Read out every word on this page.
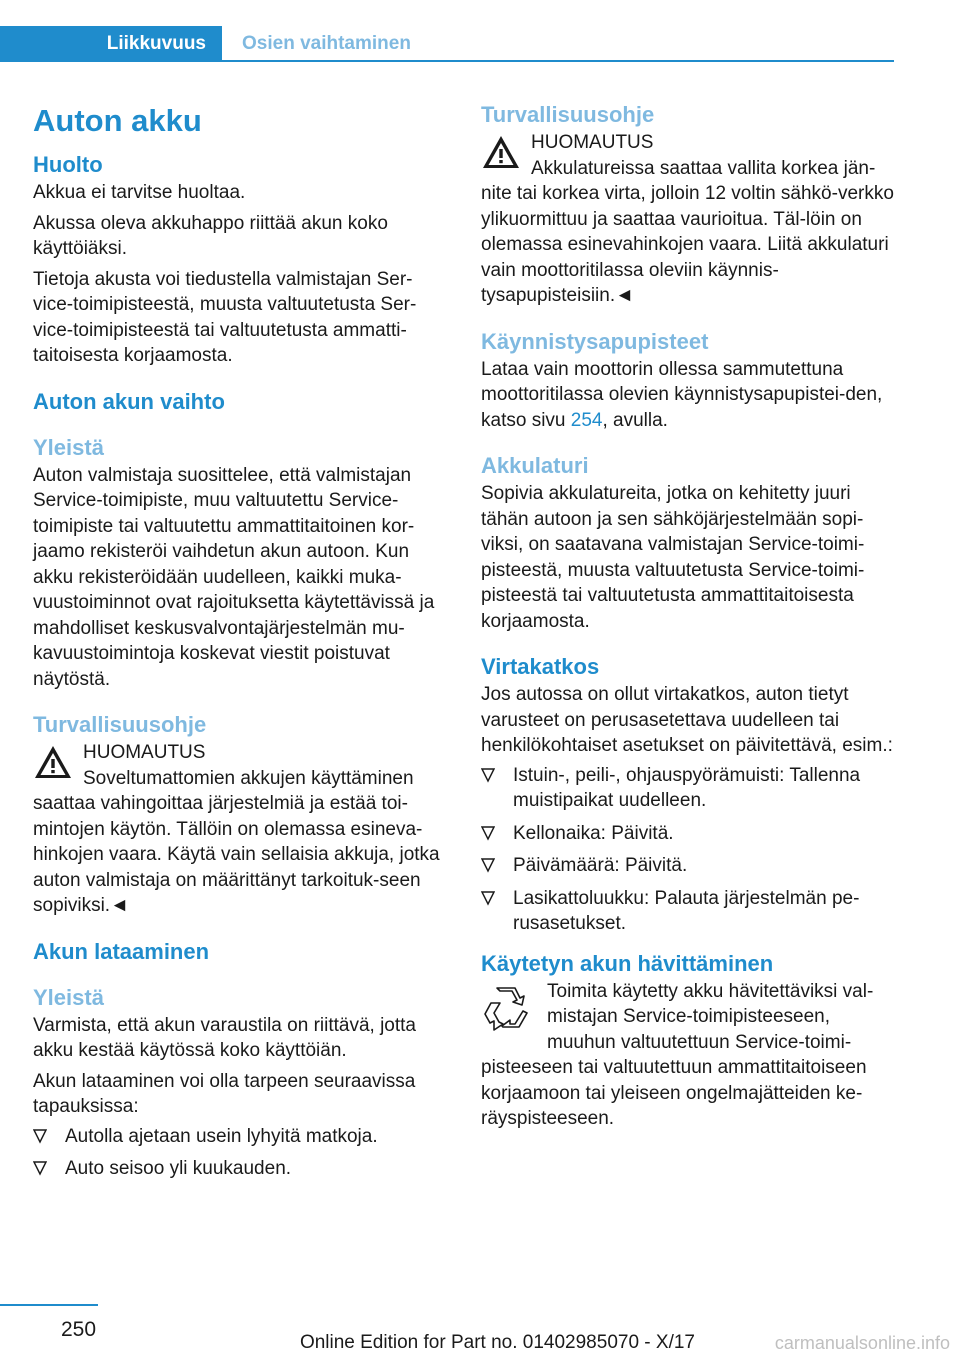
Liikkuvuus Osien vaihtaminen
Auton akku
Huolto

Akkua ei tarvitse huoltaa.

Akussa oleva akkuhappo riittää akun koko käyttöiäksi.

Tietoja akusta voi tiedustella valmistajan Ser-vice-toimipisteestä, muusta valtuutetusta Ser-vice-toimipisteestä tai valtuutetusta ammatti-taitoisesta korjaamosta.

Auton akun vaihto
Yleistä

Auton valmistaja suosittelee, että valmistajan Service-toimipiste, muu valtuutettu Service-toimipiste tai valtuutettu ammattitaitoinen kor-jaamo rekisteröi vaihdetun akun autoon. Kun akku rekisteröidään uudelleen, kaikki muka-vuustoiminnot ovat rajoituksetta käytettävissä ja mahdolliset keskusvalvontajärjestelmän mu-kavuustoimintoja koskevat viestit poistuvat näytöstä.

Turvallisuusohje

HUOMAUTUS

Soveltumattomien akkujen käyttäminen

saattaa vahingoittaa järjestelmiä ja estää toi-mintojen käytön. Tällöin on olemassa esineva-hinkojen vaara. Käytä vain sellaisia akkuja, jotka auton valmistaja on määrittänyt tarkoituk-seen sopiviksi.◄

Akun lataaminen
Yleistä

Varmista, että akun varaustila on riittävä, jotta akku kestää käytössä koko käyttöiän.

Akun lataaminen voi olla tarpeen seuraavissa tapauksissa:

Autolla ajetaan usein lyhyitä matkoja.
Auto seisoo yli kuukauden.
Turvallisuusohje

HUOMAUTUS

Akkulatureissa saattaa vallita korkea jän-

nite tai korkea virta, jolloin 12 voltin sähkö-verkko ylikuormittuu ja saattaa vaurioitua. Täl-löin on olemassa esinevahinkojen vaara. Liitä akkulaturi vain moottoritilassa oleviin käynnis-tysapupisteisiin.◄

Käynnistysapupisteet

Lataa vain moottorin ollessa sammutettuna moottoritilassa olevien käynnistysapupistei-den, katso sivu 254, avulla.

Akkulaturi

Sopivia akkulatureita, jotka on kehitetty juuri tähän autoon ja sen sähköjärjestelmään sopi-viksi, on saatavana valmistajan Service-toimi-pisteestä, muusta valtuutetusta Service-toimi-pisteestä tai valtuutetusta ammattitaitoisesta korjaamosta.

Virtakatkos

Jos autossa on ollut virtakatkos, auton tietyt varusteet on perusasetettava uudelleen tai henkilökohtaiset asetukset on päivitettävä, esim.:

Istuin-, peili-, ohjauspyörämuisti: Tallenna muistipaikat uudelleen.
Kellonaika: Päivitä.
Päivämäärä: Päivitä.
Lasikattoluukku: Palauta järjestelmän pe-rusasetukset.
Käytetyn akun hävittäminen

Toimita käytetty akku hävitettäviksi val-mistajan Service-toimipisteeseen, muuhun valtuutettuun Service-toimi-

pisteeseen tai valtuutettuun ammattitaitoiseen korjaamoon tai yleiseen ongelmajätteiden ke-räyspisteeseen.

250
Online Edition for Part no. 01402985070 - X/17	carmanualsonline.info
